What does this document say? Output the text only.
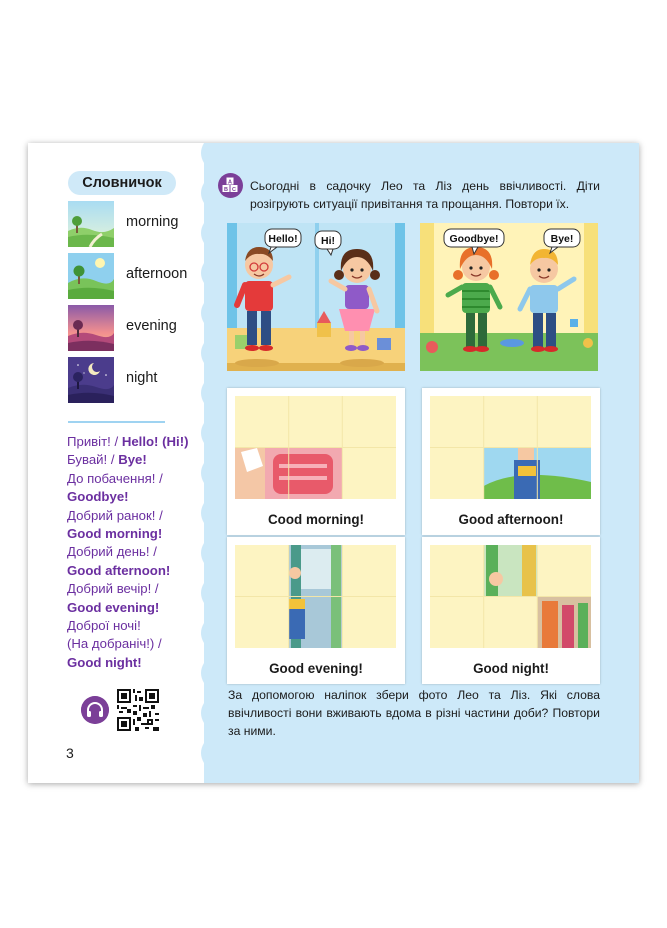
Словничок
morning
afternoon
evening
night
Привіт! / Hello! (Hi!)
Бувай! / Bye!
До побачення! /
Goodbye!
Добрий ранок! /
Good morning!
Добрий день! /
Good afternoon!
Добрий вечір! /
Good evening!
Доброї ночі!
(На добраніч!) /
Good night!
3
A
B C Сьогодні в садочку Лео та Ліз день ввічливості. Діти розігрують ситуації привітання та прощання. Повтори їх.
Hello! Hi!	Goodbye!	Bye!
Cood morning!	Good afternoon!
Good evening!	Good night!
За допомогою наліпок збери фото Лео та Ліз. Які слова ввічливості вони вживають вдома в різні частини доби? Повтори за ними.
